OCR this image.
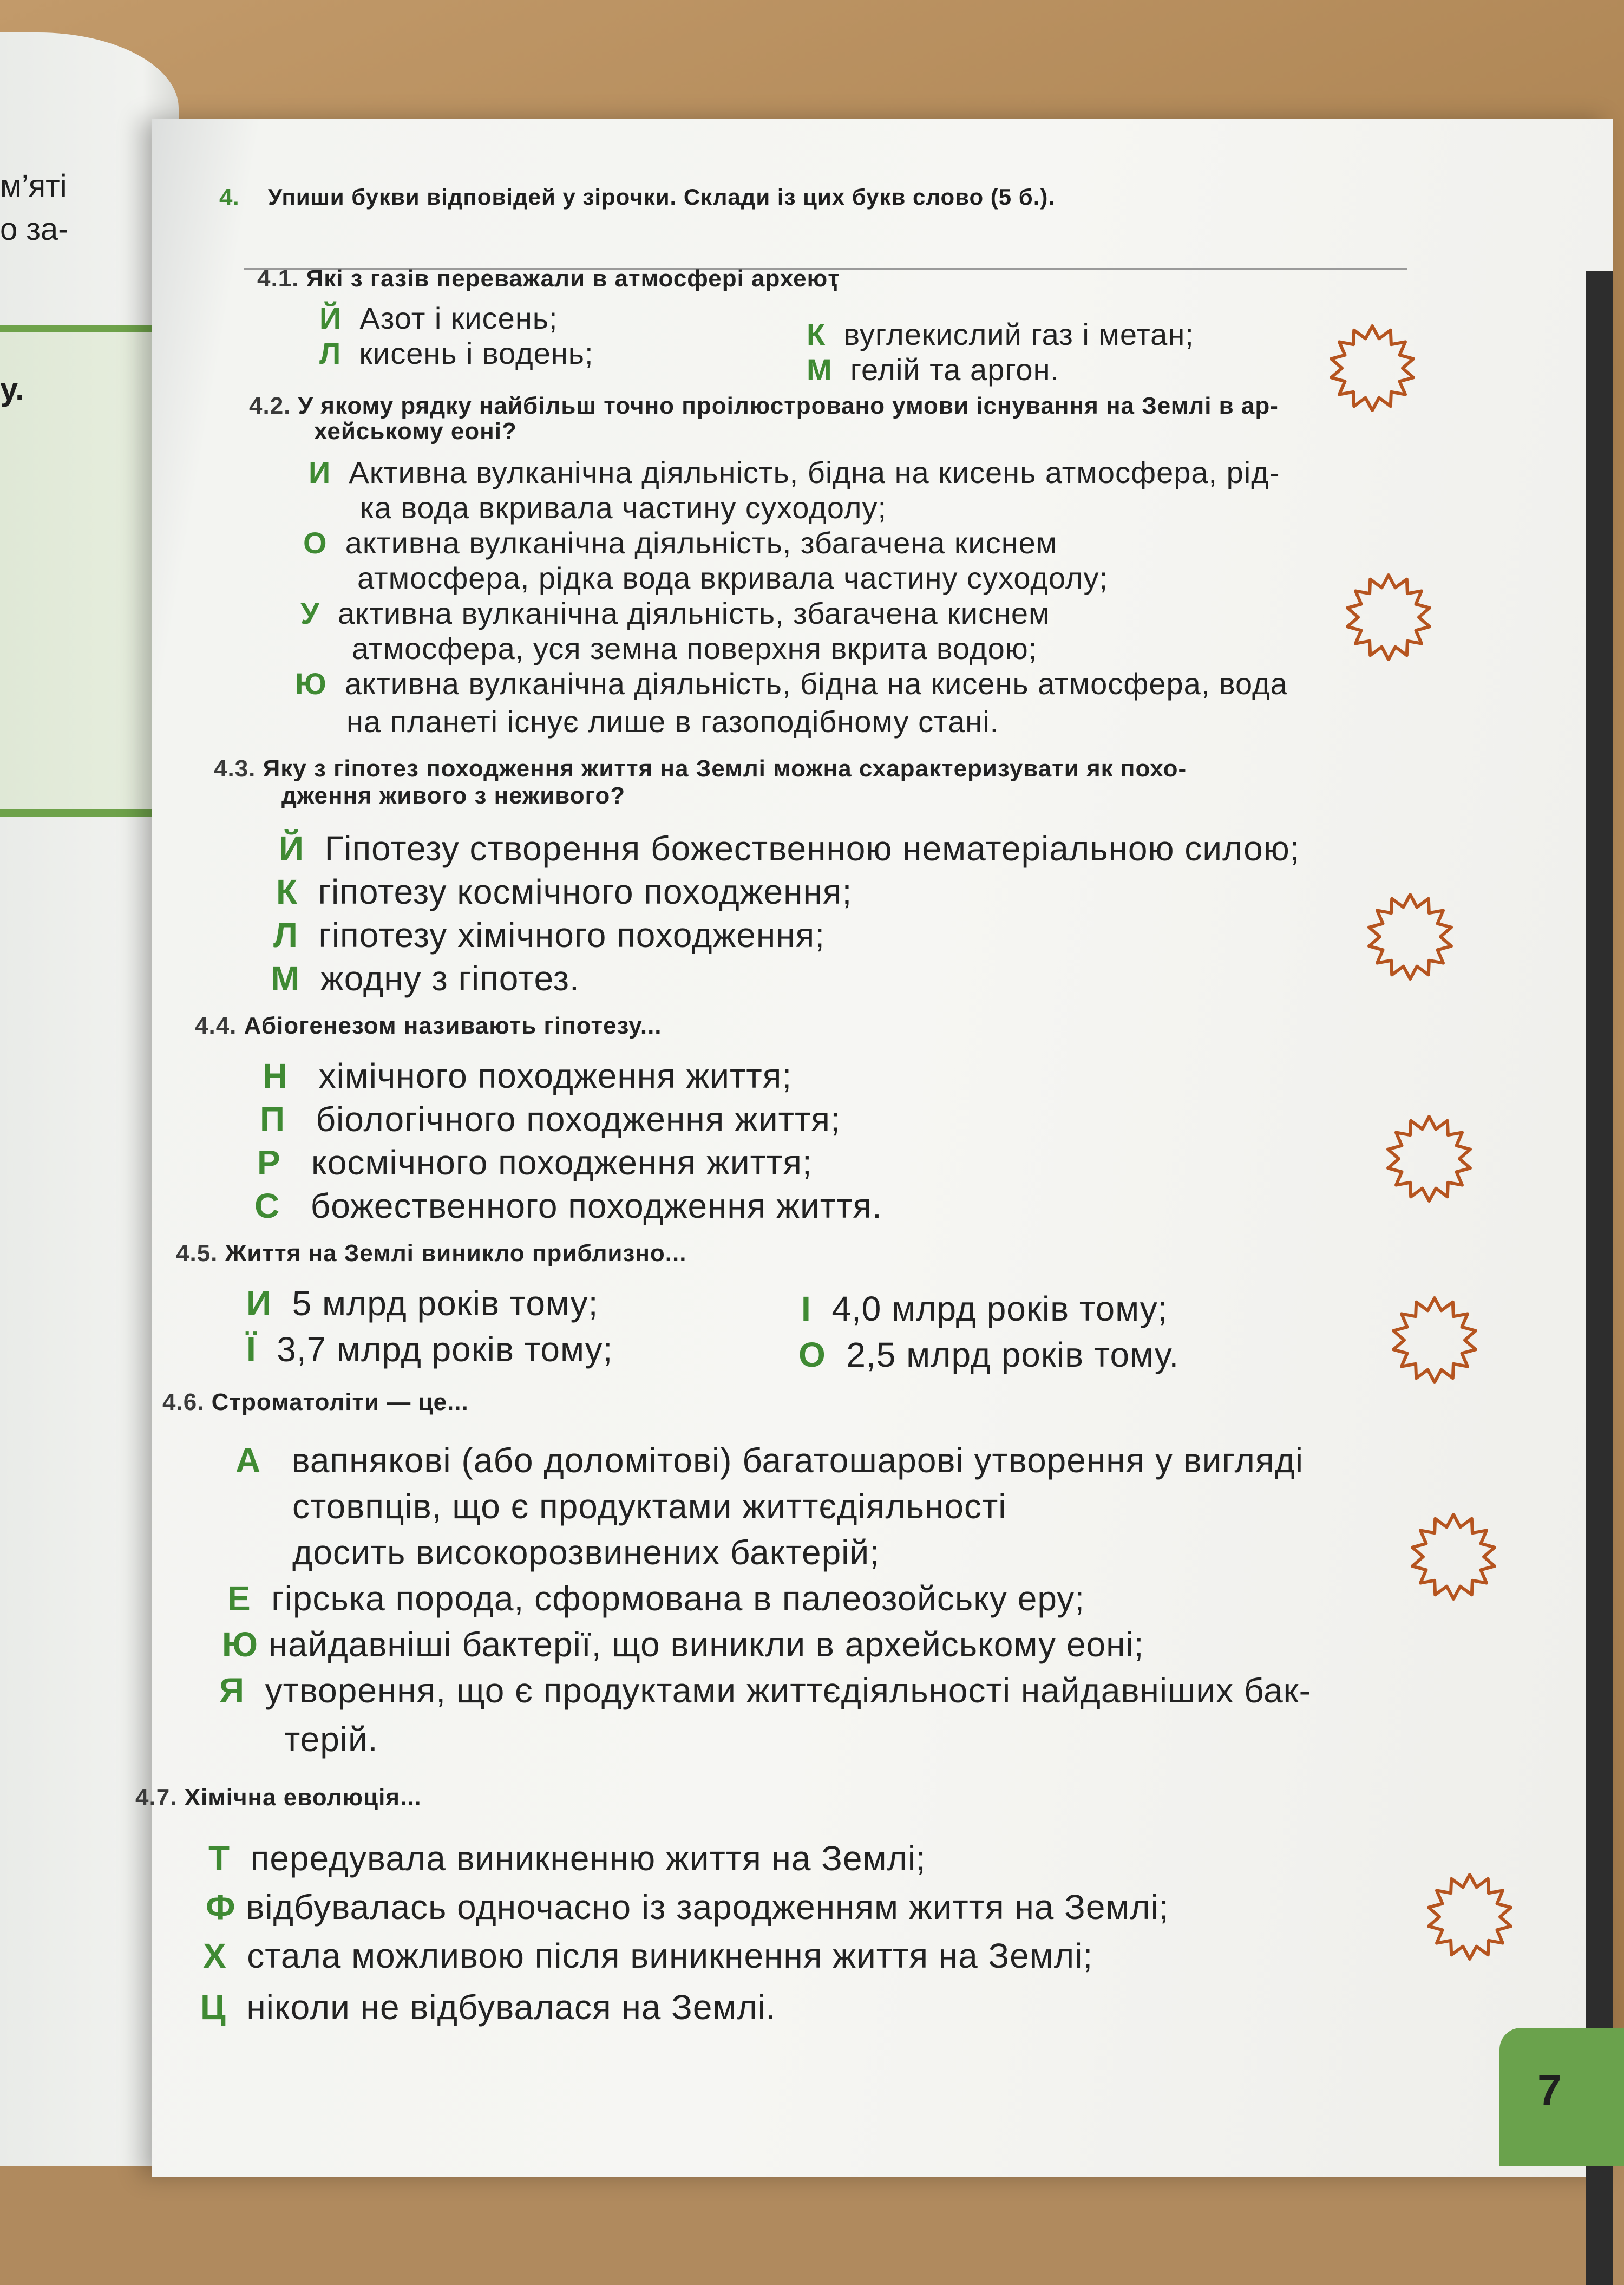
м’яті
о за-
у.
4. Упиши букви відповідей у зірочки. Склади із цих букв слово (5 б.).
4.1. Які з газів переважали в атмосфері археюҭ
Й Азот і кисень;
Л кисень і водень;
К вуглекислий газ і метан;
М гелій та аргон.
4.2. У якому рядку найбільш точно проілюстровано умови існування на Землі в ар-
хейському еоні?
И Активна вулканічна діяльність, бідна на кисень атмосфера, рід-
ка вода вкривала частину суходолу;
О активна вулканічна діяльність, збагачена киснем
атмосфера, рідка вода вкривала частину суходолу;
У активна вулканічна діяльність, збагачена киснем
атмосфера, уся земна поверхня вкрита водою;
Ю активна вулканічна діяльність, бідна на кисень атмосфера, вода
на планеті існує лише в газоподібному стані.
4.3. Яку з гіпотез походження життя на Землі можна схарактеризувати як похо-
дження живого з неживого?
Й Гіпотезу створення божественною нематеріальною силою;
К гіпотезу космічного походження;
Л гіпотезу хімічного походження;
М жодну з гіпотез.
4.4. Абіогенезом називають гіпотезу...
Н хімічного походження життя;
П біологічного походження життя;
Р космічного походження життя;
С божественного походження життя.
4.5. Життя на Землі виникло приблизно...
И 5 млрд років тому;
Ї 3,7 млрд років тому;
І 4,0 млрд років тому;
О 2,5 млрд років тому.
4.6. Строматоліти — це...
А вапнякові (або доломітові) багатошарові утворення у вигляді
стовпців, що є продуктами життєдіяльності
досить високорозвинених бактерій;
Е гірська порода, сформована в палеозойську еру;
Ю найдавніші бактерії, що виникли в архейському еоні;
Я утворення, що є продуктами життєдіяльності найдавніших бак-
терій.
4.7. Хімічна еволюція...
Т передувала виникненню життя на Землі;
Ф відбувалась одночасно із зародженням життя на Землі;
Х стала можливою після виникнення життя на Землі;
Ц ніколи не відбувалася на Землі.
7
